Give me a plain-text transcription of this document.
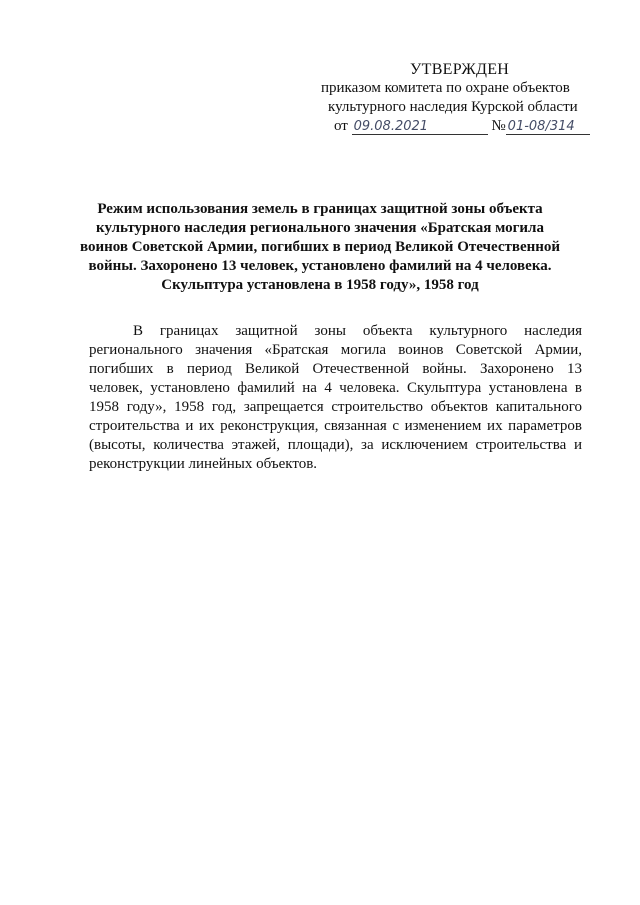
УТВЕРЖДЕН
приказом комитета по охране объектов
культурного наследия Курской области
от 09.08.2021	№ 01-08/314
Режим использования земель в границах защитной зоны объекта
культурного наследия регионального значения «Братская могила
воинов Советской Армии, погибших в период Великой Отечественной
войны. Захоронено 13 человек, установлено фамилий на 4 человека.
Скульптура установлена в 1958 году», 1958 год
В границах защитной зоны объекта культурного наследия
регионального значения «Братская могила воинов Советской Армии,
погибших в период Великой Отечественной войны. Захоронено 13
человек, установлено фамилий на 4 человека. Скульптура установлена в
1958 году», 1958 год, запрещается строительство объектов капитального
строительства и их реконструкция, связанная с изменением их параметров
(высоты, количества этажей, площади), за исключением строительства и
реконструкции линейных объектов.
